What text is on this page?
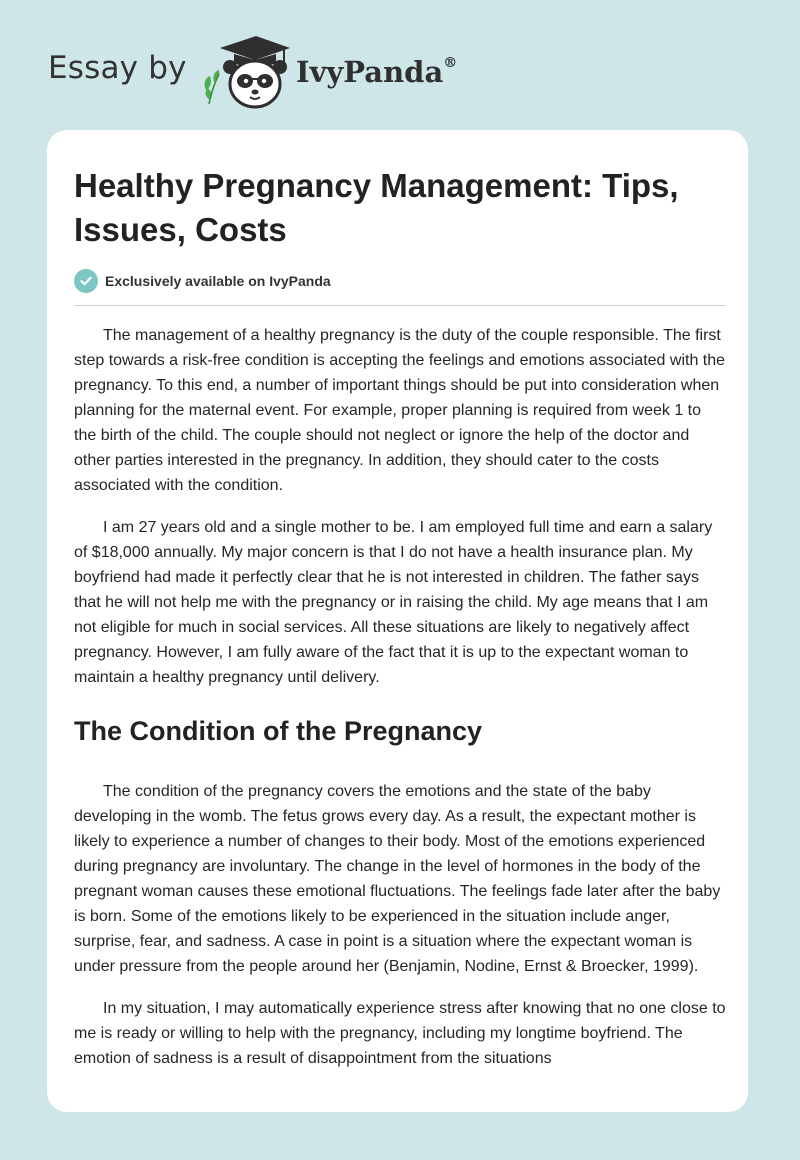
Essay by	IvyPanda®
Healthy Pregnancy Management: Tips, Issues, Costs
Exclusively available on IvyPanda

The management of a healthy pregnancy is the duty of the couple responsible. The first step towards a risk-free condition is accepting the feelings and emotions associated with the pregnancy. To this end, a number of important things should be put into consideration when planning for the maternal event. For example, proper planning is required from week 1 to the birth of the child. The couple should not neglect or ignore the help of the doctor and other parties interested in the pregnancy. In addition, they should cater to the costs associated with the condition.

I am 27 years old and a single mother to be. I am employed full time and earn a salary of $18,000 annually. My major concern is that I do not have a health insurance plan. My boyfriend had made it perfectly clear that he is not interested in children. The father says that he will not help me with the pregnancy or in raising the child. My age means that I am not eligible for much in social services. All these situations are likely to negatively affect pregnancy. However, I am fully aware of the fact that it is up to the expectant woman to maintain a healthy pregnancy until delivery.

The Condition of the Pregnancy

The condition of the pregnancy covers the emotions and the state of the baby developing in the womb. The fetus grows every day. As a result, the expectant mother is likely to experience a number of changes to their body. Most of the emotions experienced during pregnancy are involuntary. The change in the level of hormones in the body of the pregnant woman causes these emotional fluctuations. The feelings fade later after the baby is born. Some of the emotions likely to be experienced in the situation include anger, surprise, fear, and sadness. A case in point is a situation where the expectant woman is under pressure from the people around her (Benjamin, Nodine, Ernst & Broecker, 1999).

In my situation, I may automatically experience stress after knowing that no one close to me is ready or willing to help with the pregnancy, including my longtime boyfriend. The emotion of sadness is a result of disappointment from the situations
